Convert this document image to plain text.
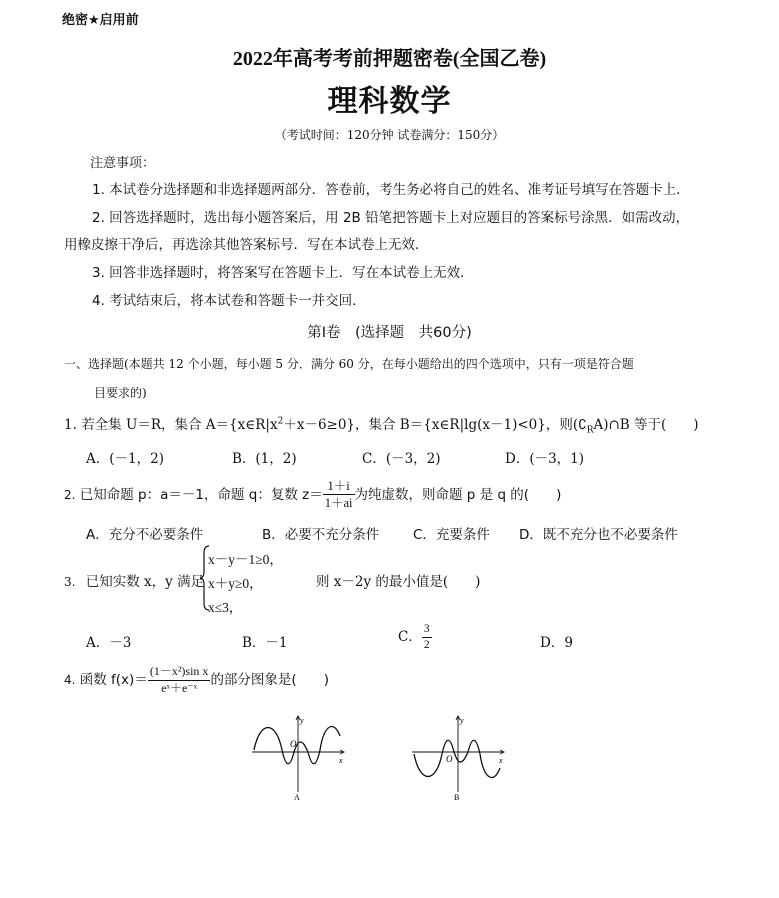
绝密★启用前
2022年高考考前押题密卷(全国乙卷)
理科数学
（考试时间：120分钟 试卷满分：150分）
注意事项：
1. 本试卷分选择题和非选择题两部分．答卷前，考生务必将自己的姓名、准考证号填写在答题卡上．
2. 回答选择题时，选出每小题答案后，用 2B 铅笔把答题卡上对应题目的答案标号涂黑．如需改动，
用橡皮擦干净后，再选涂其他答案标号．写在本试卷上无效．
3. 回答非选择题时，将答案写在答题卡上．写在本试卷上无效．
4. 考试结束后，将本试卷和答题卡一并交回．
第Ⅰ卷　(选择题　共60分)
一、选择题(本题共 12 个小题，每小题 5 分．满分 60 分，在每小题给出的四个选项中，只有一项是符合题
目要求的)
1. 若全集 U＝R，集合 $A=\{x\in R|x^2+x-6\ge 0\}$，集合 B＝{x∈R|lg(x－1)<0}，则$(∁_RA)\cap B$ 等于(　　)
A．(－1，2)	B．(1，2)	C．(－3，2)	D．(－3，1)
2. 已知命题 p：a＝－1，命题 q：复数 $z= \frac{1+i}{1+ai}$ 为纯虚数，则命题 p 是 q 的(　　)
A．充分不必要条件	B．必要不充分条件 C．充要条件 D．既不充分也不必要条件
3. 已知实数 x，y 满足
x－y－1≥0，
x＋y≥0，
x≤3，
则 x－2y 的最小值是(　　)
A．－3	B．－1	C． $\frac{3}{2}$	D．9
4. 函数 $f(x)= \frac{\text{(1－x²)sin x}}{\text{eˣ＋e⁻ˣ}}$ 的部分图象是(　　)
O
x
y
A
O	x
y
B
